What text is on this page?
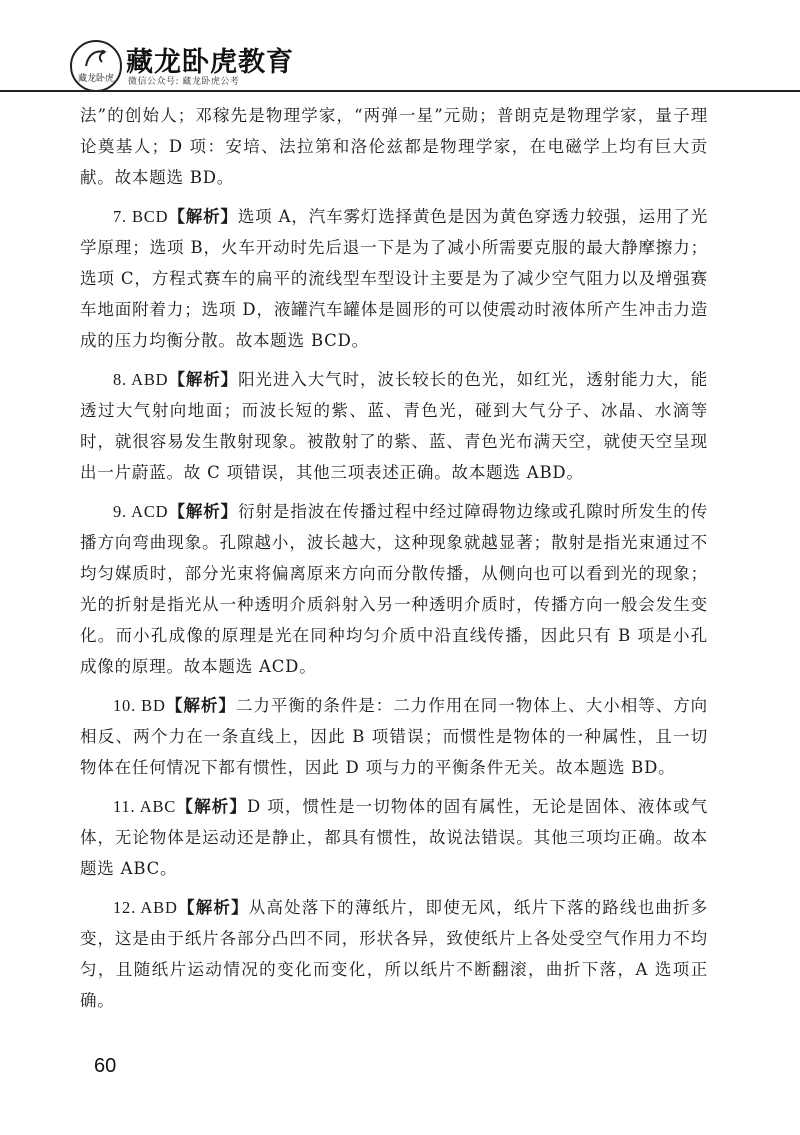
藏龙卧虎
藏龙卧虎教育
微信公众号: 藏龙卧虎公考

法”的创始人；邓稼先是物理学家，“两弹一星”元勋；普朗克是物理学家，量子理论奠基人；D 项：安培、法拉第和洛伦兹都是物理学家，在电磁学上均有巨大贡献。故本题选 BD。

7. BCD【解析】选项 A，汽车雾灯选择黄色是因为黄色穿透力较强，运用了光学原理；选项 B，火车开动时先后退一下是为了减小所需要克服的最大静摩擦力；选项 C，方程式赛车的扁平的流线型车型设计主要是为了减少空气阻力以及增强赛车地面附着力；选项 D，液罐汽车罐体是圆形的可以使震动时液体所产生冲击力造成的压力均衡分散。故本题选 BCD。

8. ABD【解析】阳光进入大气时，波长较长的色光，如红光，透射能力大，能透过大气射向地面；而波长短的紫、蓝、青色光，碰到大气分子、冰晶、水滴等时，就很容易发生散射现象。被散射了的紫、蓝、青色光布满天空，就使天空呈现出一片蔚蓝。故 C 项错误，其他三项表述正确。故本题选 ABD。

9. ACD【解析】衍射是指波在传播过程中经过障碍物边缘或孔隙时所发生的传播方向弯曲现象。孔隙越小，波长越大，这种现象就越显著；散射是指光束通过不均匀媒质时，部分光束将偏离原来方向而分散传播，从侧向也可以看到光的现象；光的折射是指光从一种透明介质斜射入另一种透明介质时，传播方向一般会发生变化。而小孔成像的原理是光在同种均匀介质中沿直线传播，因此只有 B 项是小孔成像的原理。故本题选 ACD。

10. BD【解析】二力平衡的条件是：二力作用在同一物体上、大小相等、方向相反、两个力在一条直线上，因此 B 项错误；而惯性是物体的一种属性，且一切物体在任何情况下都有惯性，因此 D 项与力的平衡条件无关。故本题选 BD。

11. ABC【解析】D 项，惯性是一切物体的固有属性，无论是固体、液体或气体，无论物体是运动还是静止，都具有惯性，故说法错误。其他三项均正确。故本题选 ABC。

12. ABD【解析】从高处落下的薄纸片，即使无风，纸片下落的路线也曲折多变，这是由于纸片各部分凸凹不同，形状各异，致使纸片上各处受空气作用力不均匀，且随纸片运动情况的变化而变化，所以纸片不断翻滚，曲折下落，A 选项正确。

60
